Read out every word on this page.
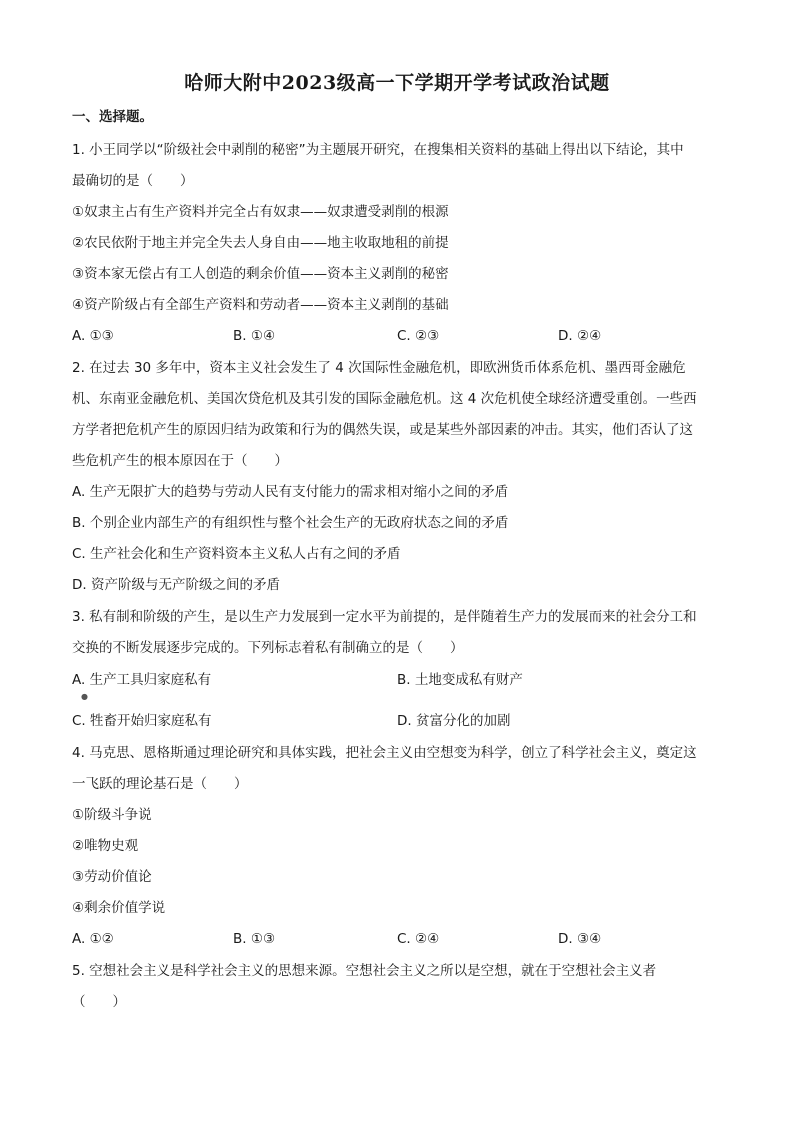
哈师大附中2023级高一下学期开学考试政治试题
一、选择题。
1. 小王同学以“阶级社会中剥削的秘密”为主题展开研究，在搜集相关资料的基础上得出以下结论，其中
最确切的是（　　）
①奴隶主占有生产资料并完全占有奴隶——奴隶遭受剥削的根源
②农民依附于地主并完全失去人身自由——地主收取地租的前提
③资本家无偿占有工人创造的剩余价值——资本主义剥削的秘密
④资产阶级占有全部生产资料和劳动者——资本主义剥削的基础
A. ①③	B. ①④	C. ②③	D. ②④
2. 在过去 30 多年中，资本主义社会发生了 4 次国际性金融危机，即欧洲货币体系危机、墨西哥金融危
机、东南亚金融危机、美国次贷危机及其引发的国际金融危机。这 4 次危机使全球经济遭受重创。一些西
方学者把危机产生的原因归结为政策和行为的偶然失误，或是某些外部因素的冲击。其实，他们否认了这
些危机产生的根本原因在于（　　）
A. 生产无限扩大的趋势与劳动人民有支付能力的需求相对缩小之间的矛盾
B. 个别企业内部生产的有组织性与整个社会生产的无政府状态之间的矛盾
C. 生产社会化和生产资料资本主义私人占有之间的矛盾
D. 资产阶级与无产阶级之间的矛盾
3. 私有制和阶级的产生，是以生产力发展到一定水平为前提的，是伴随着生产力的发展而来的社会分工和
交换的不断发展逐步完成的。下列标志着私有制确立的是（　　）
A. 生产工具归家庭私有	B. 土地变成私有财产
●
C. 牲畜开始归家庭私有	D. 贫富分化的加剧
4. 马克思、恩格斯通过理论研究和具体实践，把社会主义由空想变为科学，创立了科学社会主义，奠定这
一飞跃的理论基石是（　　）
①阶级斗争说
②唯物史观
③劳动价值论
④剩余价值学说
A. ①②	B. ①③	C. ②④	D. ③④
5. 空想社会主义是科学社会主义的思想来源。空想社会主义之所以是空想，就在于空想社会主义者
（　　）
